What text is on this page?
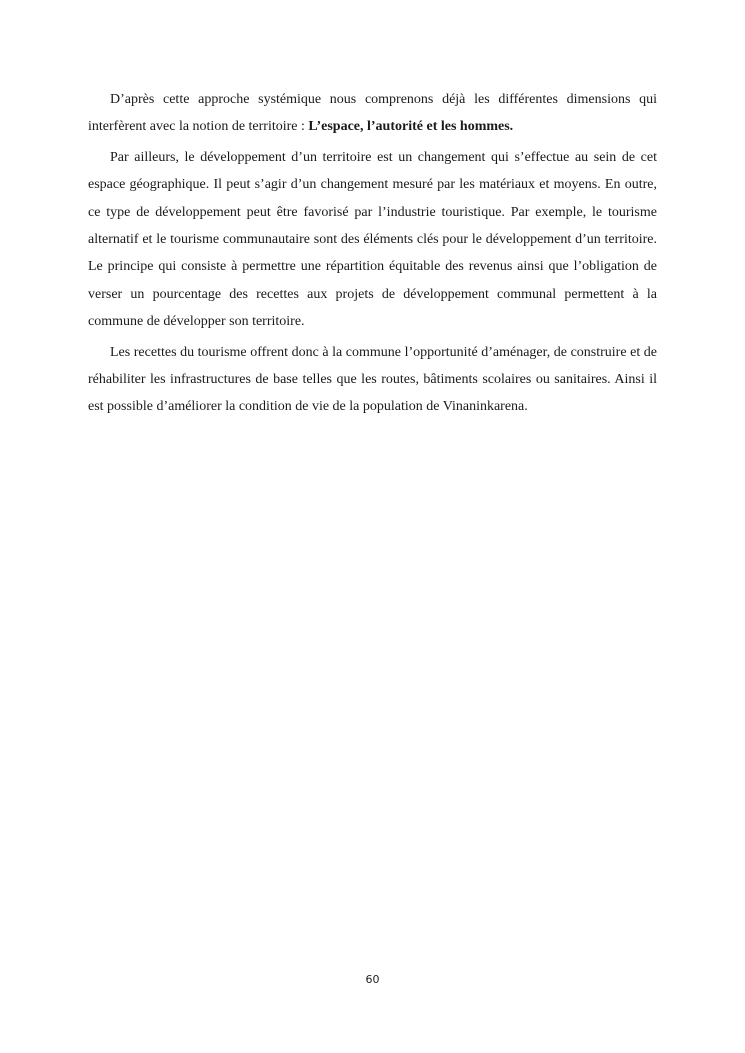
D’après cette approche systémique nous comprenons déjà les différentes dimensions qui interfèrent avec la notion de territoire : L’espace, l’autorité et les hommes.

Par ailleurs, le développement d’un territoire est un changement qui s’effectue au sein de cet espace géographique. Il peut s’agir d’un changement mesuré par les matériaux et moyens. En outre, ce type de développement peut être favorisé par l’industrie touristique. Par exemple, le tourisme alternatif et le tourisme communautaire sont des éléments clés pour le développement d’un territoire. Le principe qui consiste à permettre une répartition équitable des revenus ainsi que l’obligation de verser un pourcentage des recettes aux projets de développement communal permettent à la commune de développer son territoire.

Les recettes du tourisme offrent donc à la commune l’opportunité d’aménager, de construire et de réhabiliter les infrastructures de base telles que les routes, bâtiments scolaires ou sanitaires. Ainsi il est possible d’améliorer la condition de vie de la population de Vinaninkarena.

60
